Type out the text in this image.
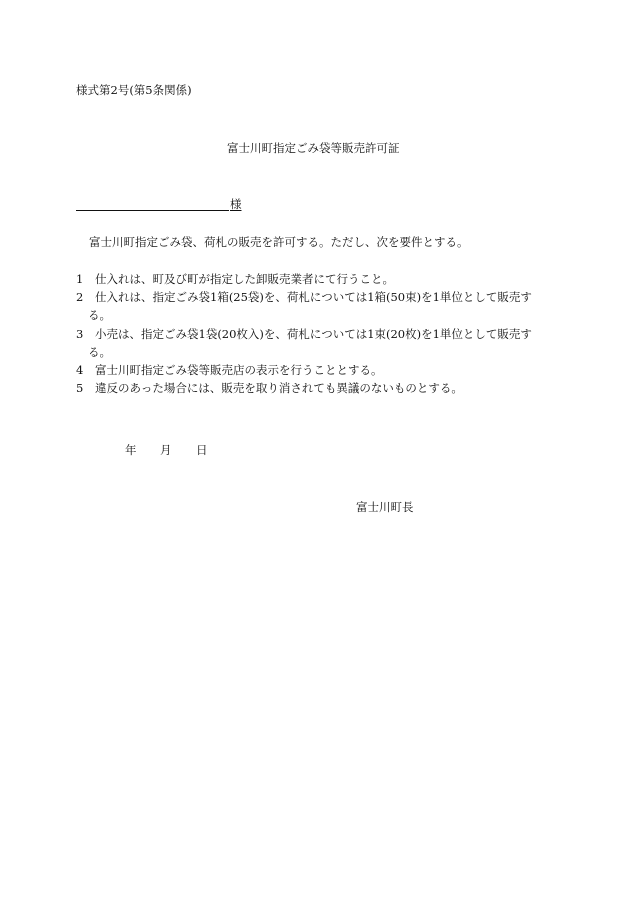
様式第2号(第5条関係)
富士川町指定ごみ袋等販売許可証
様
富士川町指定ごみ袋、荷札の販売を許可する。ただし、次を要件とする。
1	仕入れは、町及び町が指定した卸販売業者にて行うこと。
2	仕入れは、指定ごみ袋1箱(25袋)を、荷札については1箱(50束)を1単位として販売す
る。
3	小売は、指定ごみ袋1袋(20枚入)を、荷札については1束(20枚)を1単位として販売す
る。
4	富士川町指定ごみ袋等販売店の表示を行うこととする。
5	違反のあった場合には、販売を取り消されても異議のないものとする。
年 月 日
富士川町長
